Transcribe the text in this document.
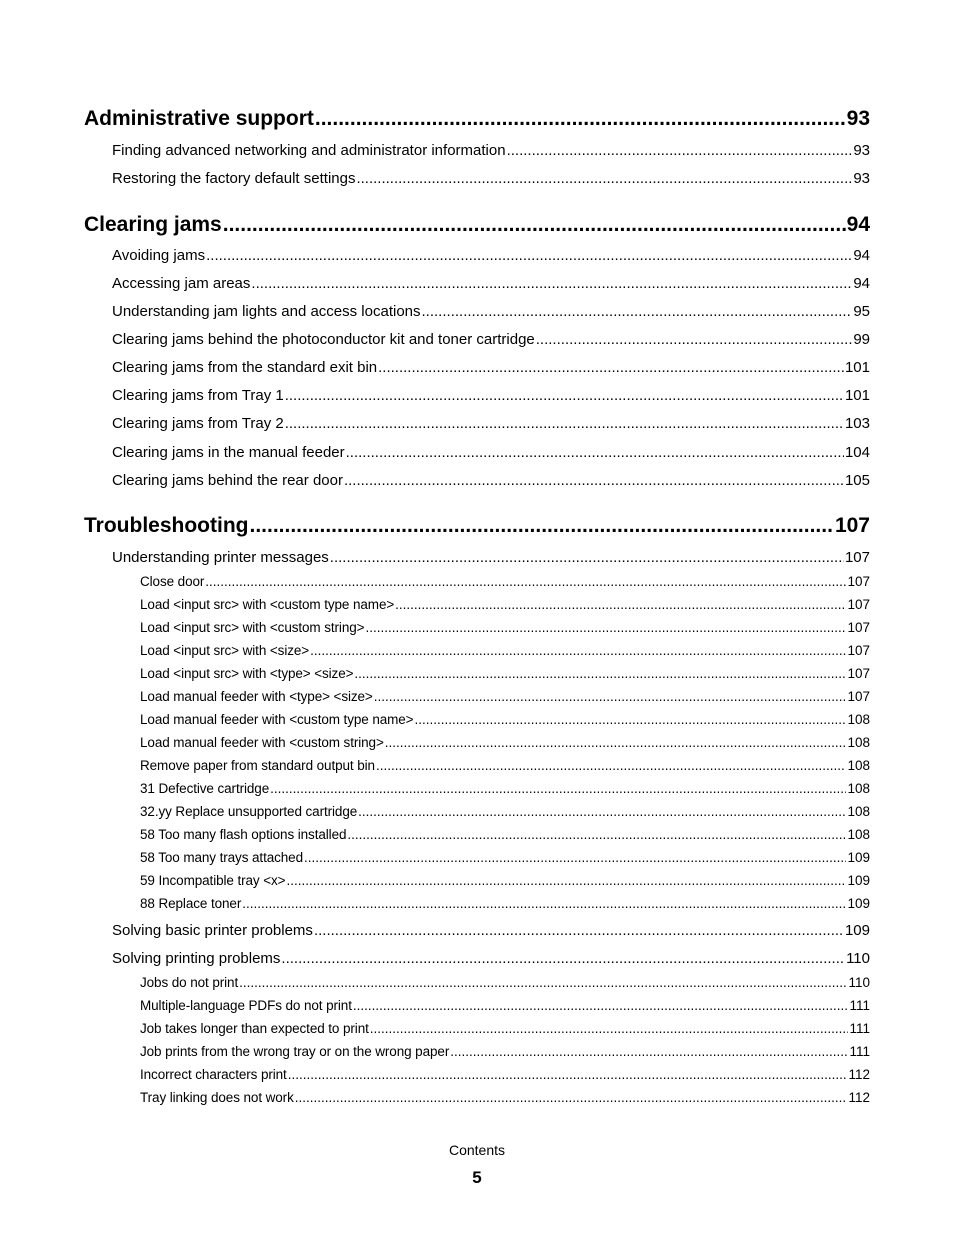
Administrative support .....	93
Finding advanced networking and administrator information .....	93
Restoring the factory default settings .....	93
Clearing jams .....	94
Avoiding jams .....	94
Accessing jam areas .....	94
Understanding jam lights and access locations .....	95
Clearing jams behind the photoconductor kit and toner cartridge .....	99
Clearing jams from the standard exit bin .....	101
Clearing jams from Tray 1 .....	101
Clearing jams from Tray 2 .....	103
Clearing jams in the manual feeder .....	104
Clearing jams behind the rear door .....	105
Troubleshooting .....	107
Understanding printer messages .....	107
Close door .....	107
Load <input src> with <custom type name> .....	107
Load <input src> with <custom string> .....	107
Load <input src> with <size> .....	107
Load <input src> with <type> <size> .....	107
Load manual feeder with <type> <size> .....	107
Load manual feeder with <custom type name> .....	108
Load manual feeder with <custom string> .....	108
Remove paper from standard output bin .....	108
31 Defective cartridge .....	108
32.yy Replace unsupported cartridge .....	108
58 Too many flash options installed .....	108
58 Too many trays attached .....	109
59 Incompatible tray <x> .....	109
88 Replace toner .....	109
Solving basic printer problems .....	109
Solving printing problems .....	110
Jobs do not print .....	110
Multiple-language PDFs do not print .....	111
Job takes longer than expected to print .....	111
Job prints from the wrong tray or on the wrong paper .....	111
Incorrect characters print .....	112
Tray linking does not work .....	112
Contents
5
